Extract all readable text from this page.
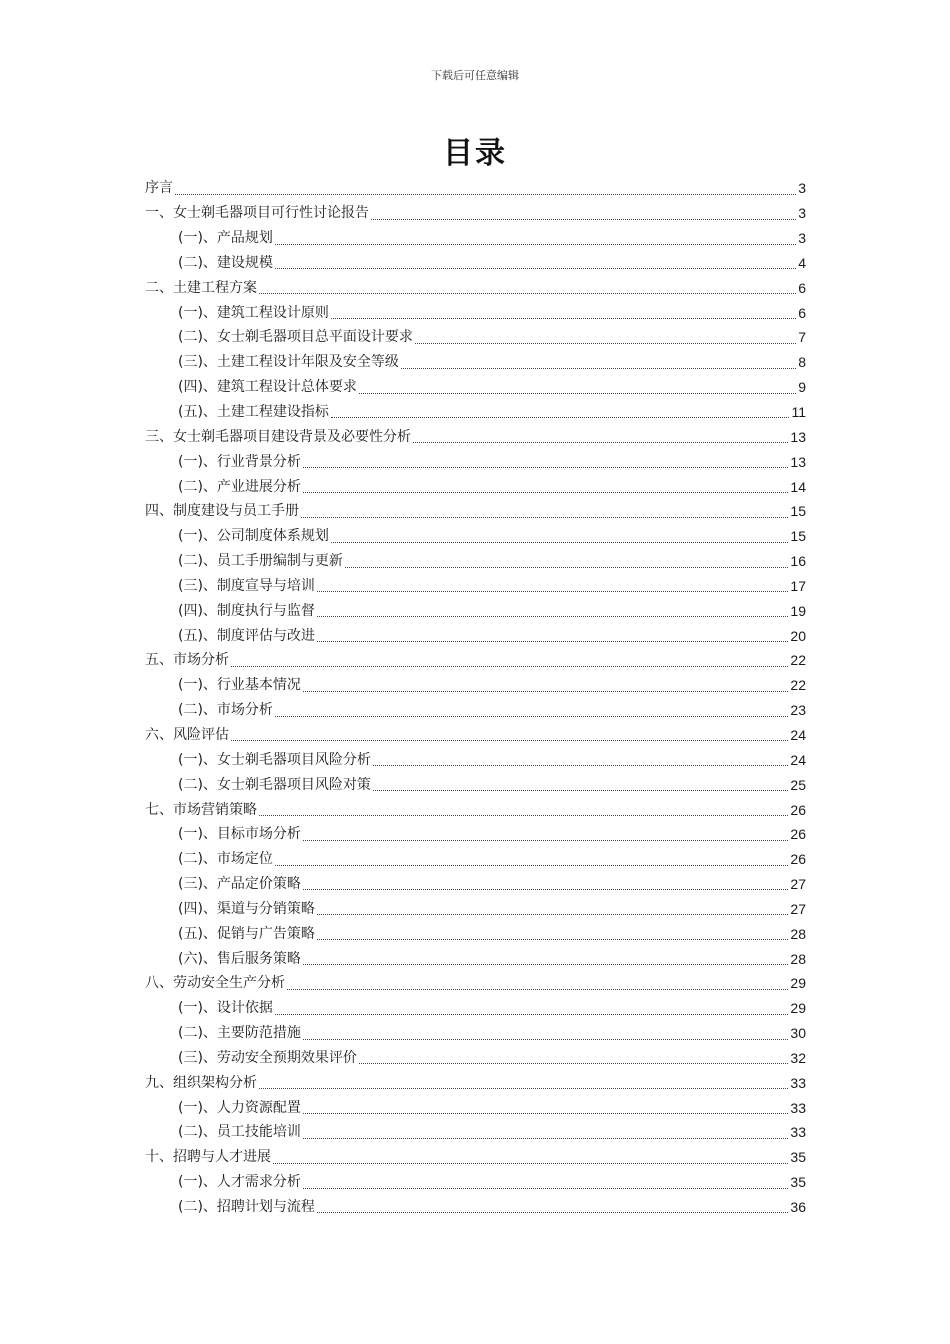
下载后可任意编辑
目录
序言	3
一、女士剃毛器项目可行性讨论报告	3
(一)、产品规划	3
(二)、建设规模	4
二、土建工程方案	6
(一)、建筑工程设计原则	6
(二)、女士剃毛器项目总平面设计要求	7
(三)、土建工程设计年限及安全等级	8
(四)、建筑工程设计总体要求	9
(五)、土建工程建设指标	11
三、女士剃毛器项目建设背景及必要性分析	13
(一)、行业背景分析	13
(二)、产业进展分析	14
四、制度建设与员工手册	15
(一)、公司制度体系规划	15
(二)、员工手册编制与更新	16
(三)、制度宣导与培训	17
(四)、制度执行与监督	19
(五)、制度评估与改进	20
五、市场分析	22
(一)、行业基本情况	22
(二)、市场分析	23
六、风险评估	24
(一)、女士剃毛器项目风险分析	24
(二)、女士剃毛器项目风险对策	25
七、市场营销策略	26
(一)、目标市场分析	26
(二)、市场定位	26
(三)、产品定价策略	27
(四)、渠道与分销策略	27
(五)、促销与广告策略	28
(六)、售后服务策略	28
八、劳动安全生产分析	29
(一)、设计依据	29
(二)、主要防范措施	30
(三)、劳动安全预期效果评价	32
九、组织架构分析	33
(一)、人力资源配置	33
(二)、员工技能培训	33
十、招聘与人才进展	35
(一)、人才需求分析	35
(二)、招聘计划与流程	36
